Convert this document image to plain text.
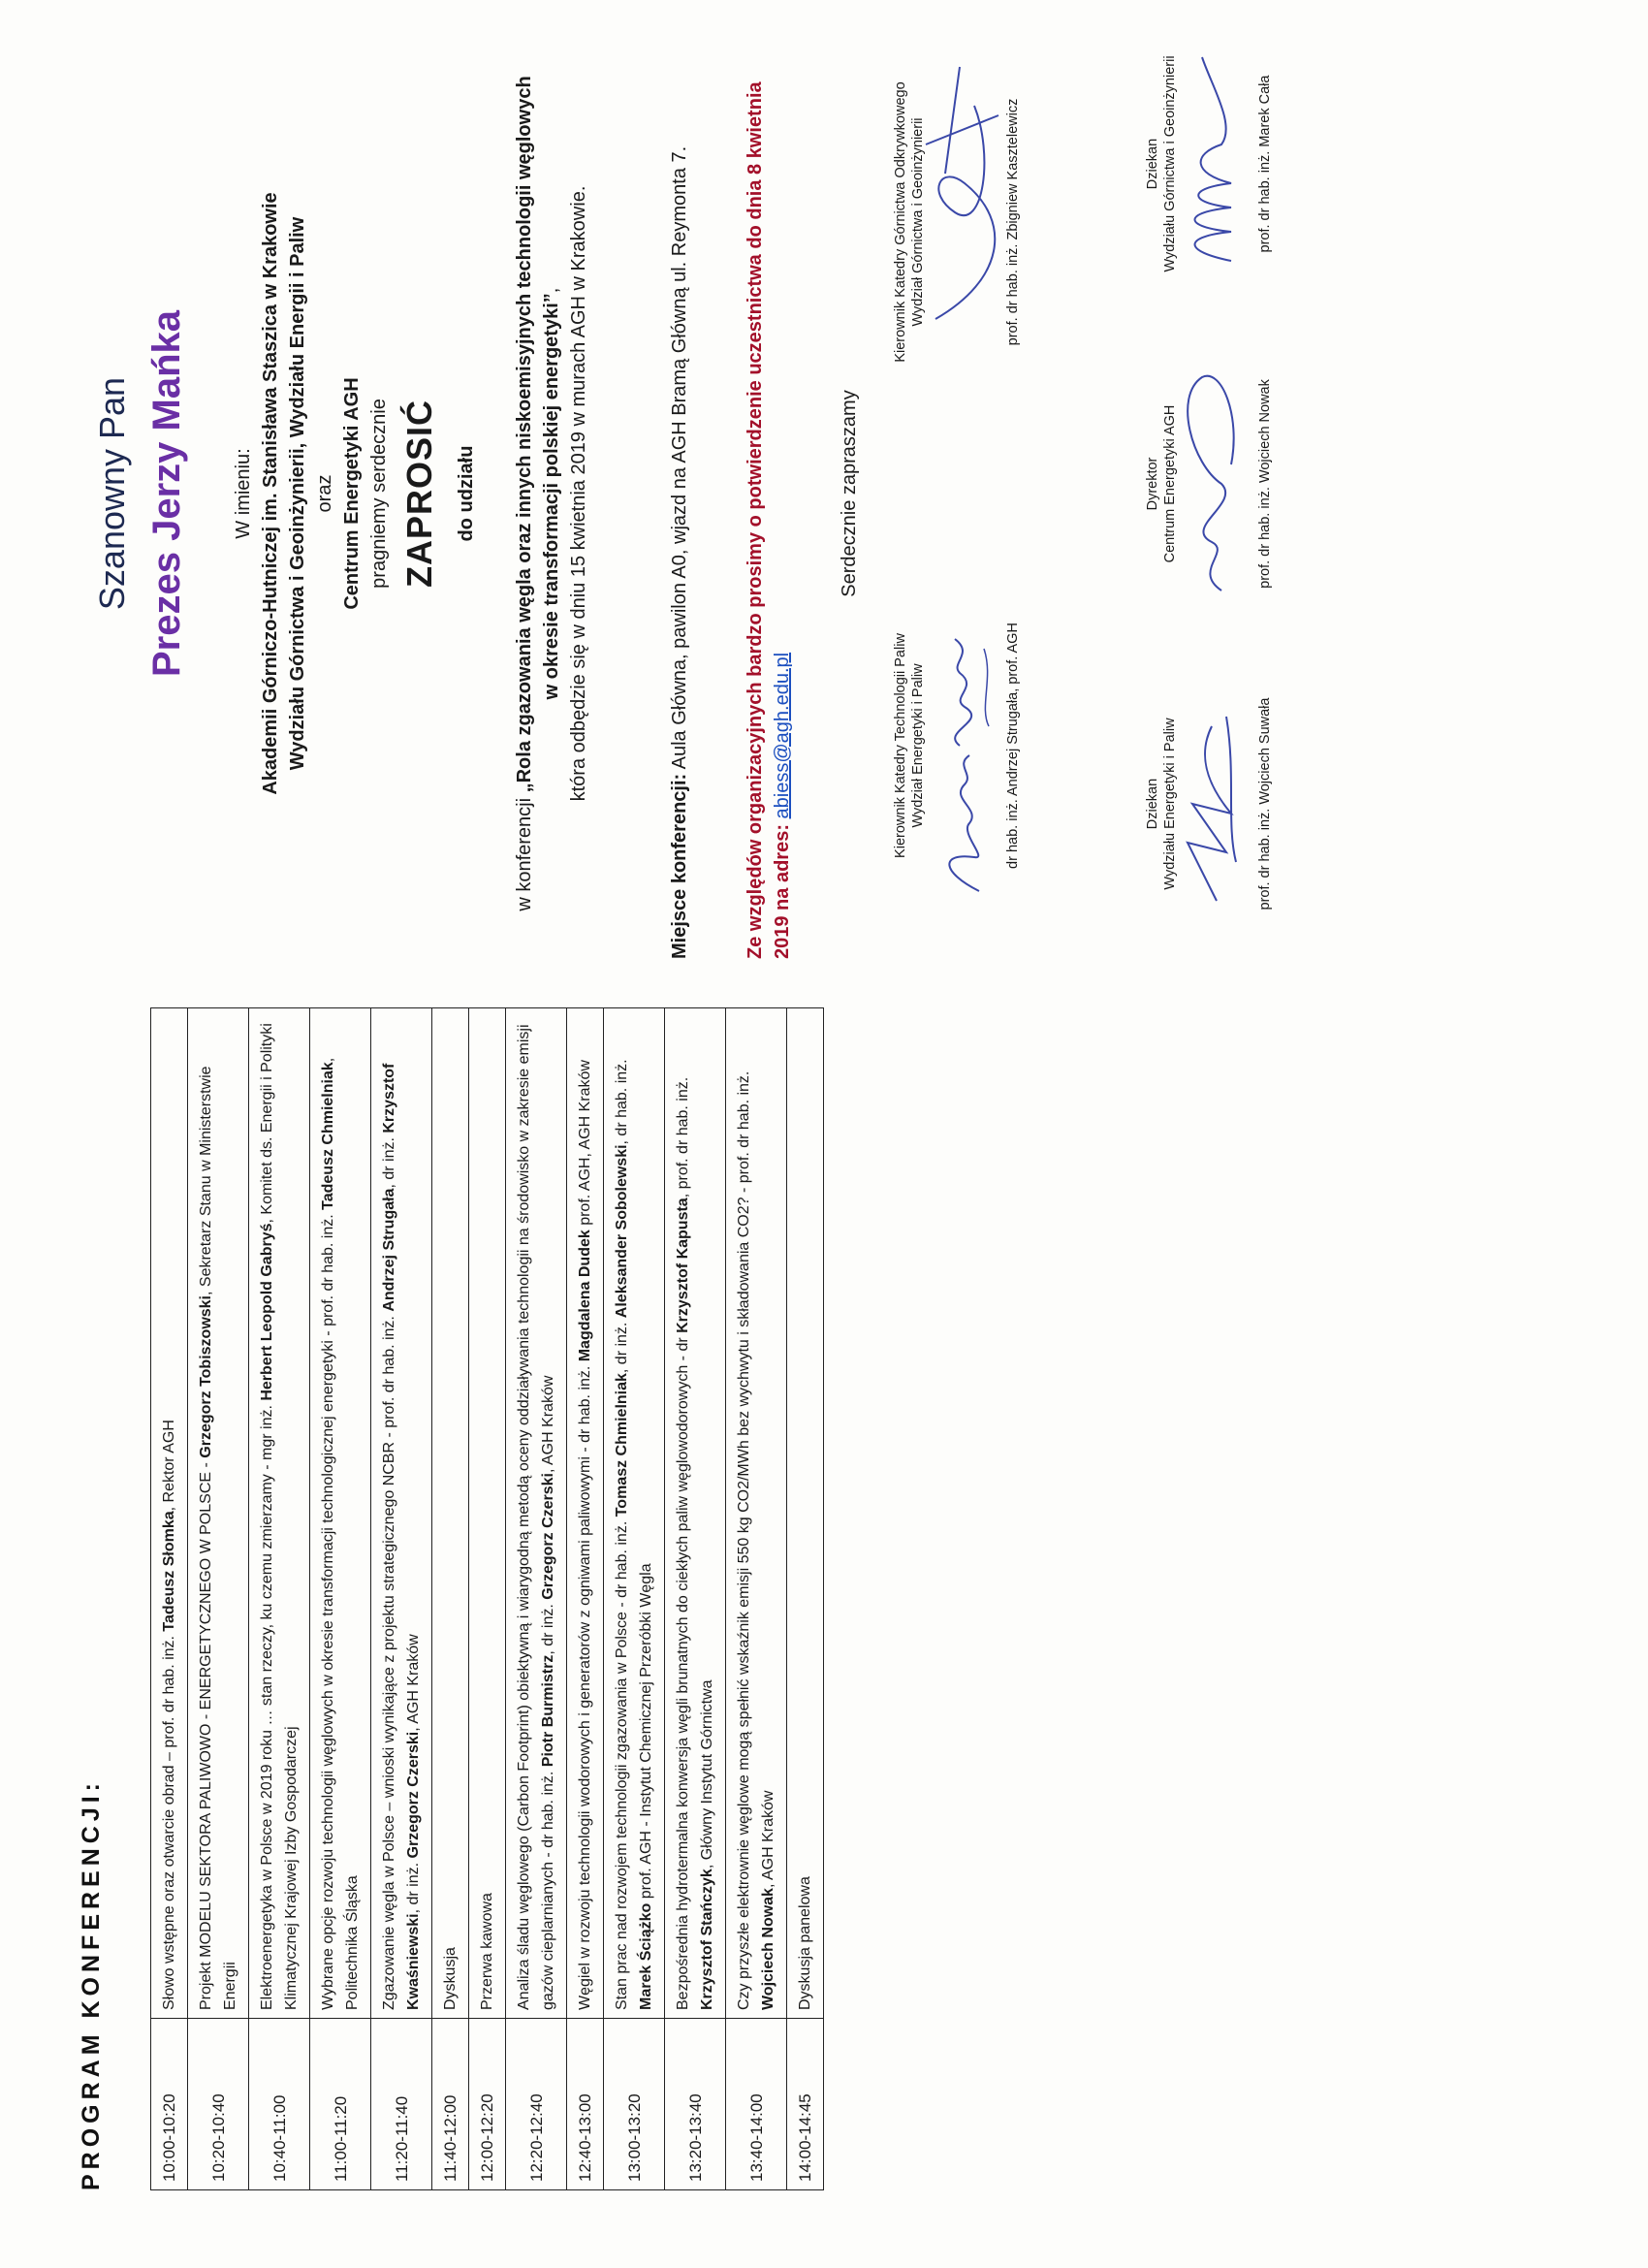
PROGRAM KONFERENCJI:	10:00-10:20	Słowo wstępne oraz otwarcie obrad – prof. dr hab. inż. Tadeusz Słomka, Rektor AGH
10:20-10:40	Projekt MODELU SEKTORA PALIWOWO - ENERGETYCZNEGO W POLSCE - Grzegorz Tobiszowski, Sekretarz Stanu w Ministerstwie Energii
10:40-11:00	Elektroenergetyka w Polsce w 2019 roku … stan rzeczy, ku czemu zmierzamy - mgr inż. Herbert Leopold Gabryś, Komitet ds. Energii i Polityki Klimatycznej Krajowej Izby Gospodarczej
11:00-11:20	Wybrane opcje rozwoju technologii węglowych w okresie transformacji technologicznej energetyki - prof. dr hab. inż. Tadeusz Chmielniak, Politechnika Śląska
11:20-11:40	Zgazowanie węgla w Polsce – wnioski wynikające z projektu strategicznego NCBR - prof. dr hab. inż. Andrzej Strugała, dr inż. Krzysztof Kwaśniewski, dr inż. Grzegorz Czerski, AGH Kraków
11:40-12:00	Dyskusja
12:00-12:20	Przerwa kawowa
12:20-12:40	Analiza śladu węglowego (Carbon Footprint) obiektywną i wiarygodną metodą oceny oddziaływania technologii na środowisko w zakresie emisji gazów cieplarnianych - dr hab. inż. Piotr Burmistrz, dr inż. Grzegorz Czerski, AGH Kraków
12:40-13:00	Węgiel w rozwoju technologii wodorowych i generatorów z ogniwami paliwowymi - dr hab. inż. Magdalena Dudek prof. AGH, AGH Kraków
13:00-13:20	Stan prac nad rozwojem technologii zgazowania w Polsce - dr hab. inż. Tomasz Chmielniak, dr inż. Aleksander Sobolewski, dr hab. inż. Marek Ściążko prof. AGH - Instytut Chemicznej Przeróbki Węgla
13:20-13:40	Bezpośrednia hydrotermalna konwersja węgli brunatnych do ciekłych paliw węglowodorowych - dr Krzysztof Kapusta, prof. dr hab. inż. Krzysztof Stańczyk, Główny Instytut Górnictwa
13:40-14:00	Czy przyszłe elektrownie węglowe mogą spełnić wskaźnik emisji 550 kg CO2/MWh bez wychwytu i składowania CO2? - prof. dr hab. inż. Wojciech Nowak, AGH Kraków
14:00-14:45	Dyskusja panelowa
Szanowny Pan Prezes Jerzy Mańka W imieniu: Akademii Górniczo-Hutniczej im. Stanisława Staszica w Krakowie Wydziału Górnictwa i Geoinżynierii, Wydziału Energii i Paliw oraz Centrum Energetyki AGH pragniemy serdecznie ZAPROSIĆ do udziału
w konferencji „Rola zgazowania węgla oraz innych niskoemisyjnych technologii węglowych w okresie transformacji polskiej energetyki”, która odbędzie się w dniu 15 kwietnia 2019 w murach AGH w Krakowie.
Miejsce konferencji: Aula Główna, pawilon A0, wjazd na AGH Bramą Główną ul. Reymonta 7.	Ze względów organizacyjnych bardzo prosimy o potwierdzenie uczestnictwa do dnia 8 kwietnia 2019 na adres: abiess@agh.edu.pl
Serdecznie zapraszamy
Kierownik Katedry Technologii Paliw Wydział Energetyki i Paliw	dr hab. inż. Andrzej Strugała, prof. AGH
Kierownik Katedry Górnictwa Odkrywkowego Wydział Górnictwa i Geoinżynierii	prof. dr hab. inż. Zbigniew Kasztelewicz
Dziekan Wydziału Energetyki i Paliw	prof. dr hab. inż. Wojciech Suwała
Dyrektor Centrum Energetyki AGH	prof. dr hab. inż. Wojciech Nowak
Dziekan Wydziału Górnictwa i Geoinżynierii	prof. dr hab. inż. Marek Cała
